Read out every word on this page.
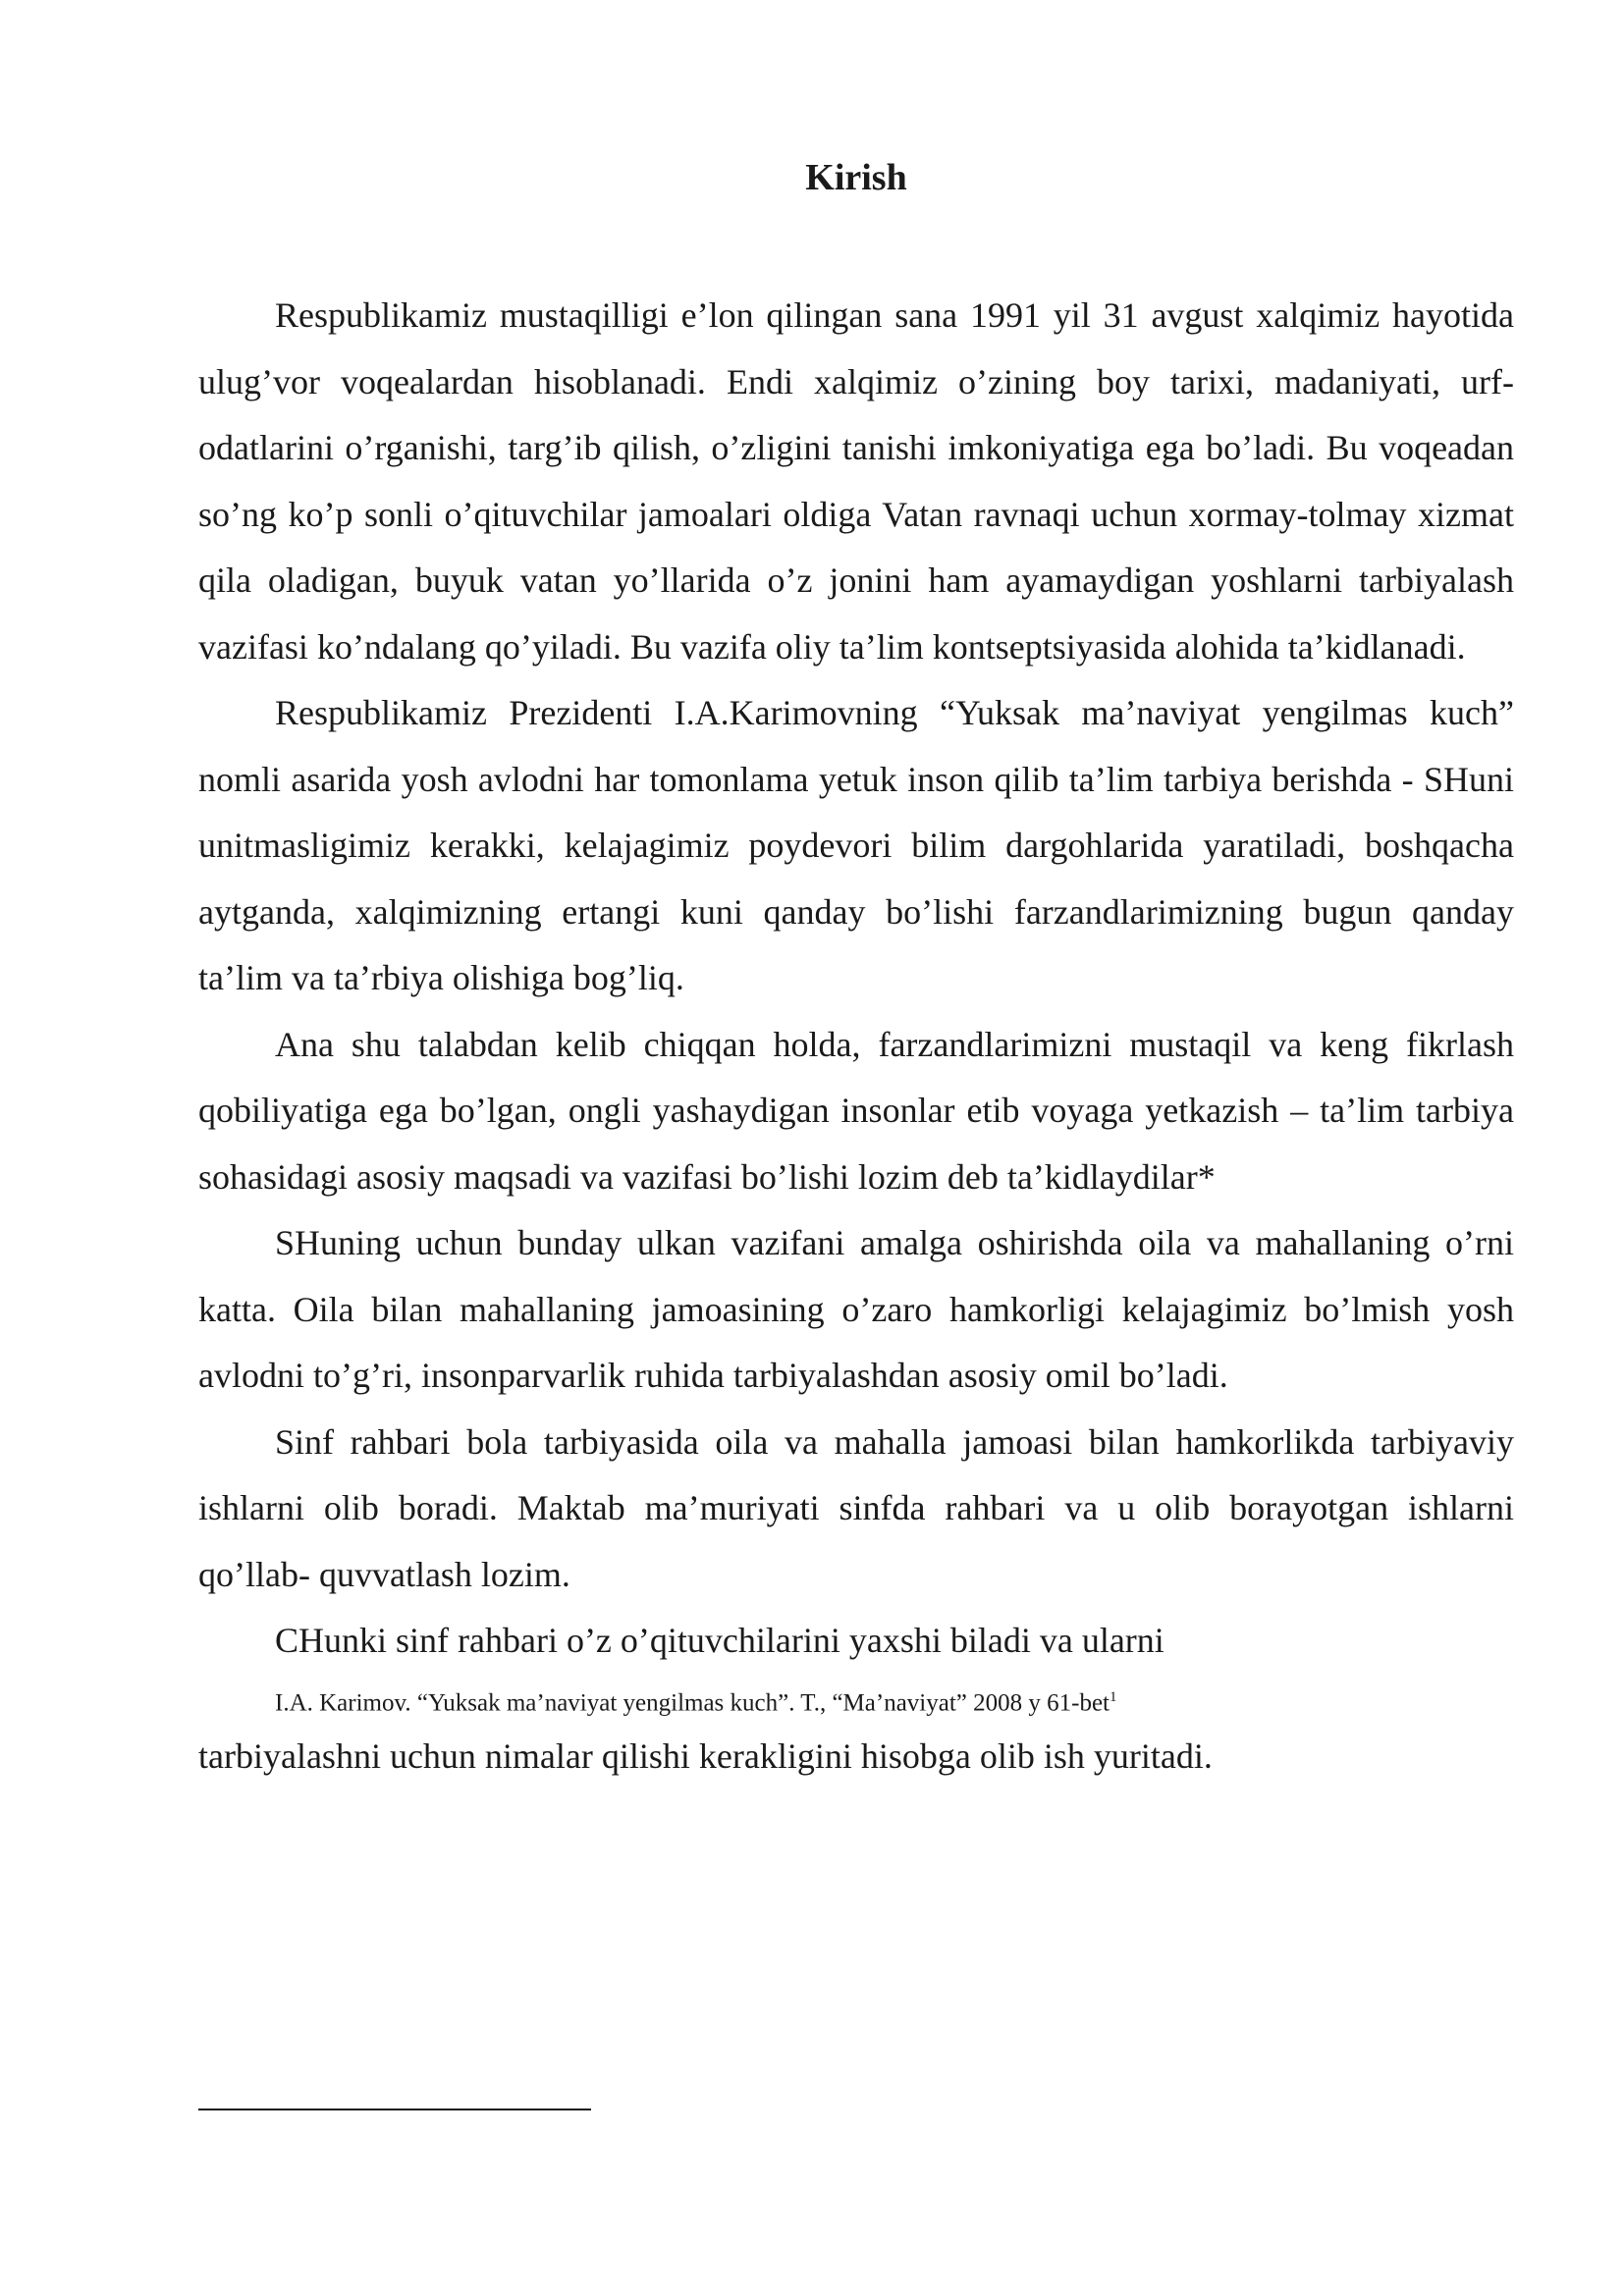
Kirish

Respublikamiz mustaqilligi e’lon qilingan sana 1991 yil 31 avgust xalqimiz hayotida ulug’vor voqealardan hisoblanadi. Endi xalqimiz o’zining boy tarixi, madaniyati, urf-odatlarini o’rganishi, targ’ib qilish, o’zligini tanishi imkoniyatiga ega bo’ladi. Bu voqeadan so’ng ko’p sonli o’qituvchilar jamoalari oldiga Vatan ravnaqi uchun xormay-tolmay xizmat qila oladigan, buyuk vatan yo’llarida o’z jonini ham ayamaydigan yoshlarni tarbiyalash vazifasi ko’ndalang qo’yiladi. Bu vazifa oliy ta’lim kontseptsiyasida alohida ta’kidlanadi.

Respublikamiz Prezidenti I.A.Karimovning “Yuksak ma’naviyat yengilmas kuch” nomli asarida yosh avlodni har tomonlama yetuk inson qilib ta’lim tarbiya berishda - SHuni unitmasligimiz kerakki, kelajagimiz poydevori bilim dargohlarida yaratiladi, boshqacha aytganda, xalqimizning ertangi kuni qanday bo’lishi farzandlarimizning bugun qanday ta’lim va ta’rbiya olishiga bog’liq.

Ana shu talabdan kelib chiqqan holda, farzandlarimizni mustaqil va keng fikrlash qobiliyatiga ega bo’lgan, ongli yashaydigan insonlar etib voyaga yetkazish – ta’lim tarbiya sohasidagi asosiy maqsadi va vazifasi bo’lishi lozim deb ta’kidlaydilar*

SHuning uchun bunday ulkan vazifani amalga oshirishda oila va mahallaning o’rni katta. Oila bilan mahallaning jamoasining o’zaro hamkorligi kelajagimiz bo’lmish yosh avlodni to’g’ri, insonparvarlik ruhida tarbiyalashdan asosiy omil bo’ladi.

Sinf rahbari bola tarbiyasida oila va mahalla jamoasi bilan hamkorlikda tarbiyaviy ishlarni olib boradi. Maktab ma’muriyati sinfda rahbari va u olib borayotgan ishlarni qo’llab- quvvatlash lozim.

CHunki sinf rahbari o’z o’qituvchilarini yaxshi biladi va ularni

I.A. Karimov. “Yuksak ma’naviyat yengilmas kuch”. T., “Ma’naviyat” 2008 y 61-bet$^1$

tarbiyalashni uchun nimalar qilishi kerakligini hisobga olib ish yuritadi.
